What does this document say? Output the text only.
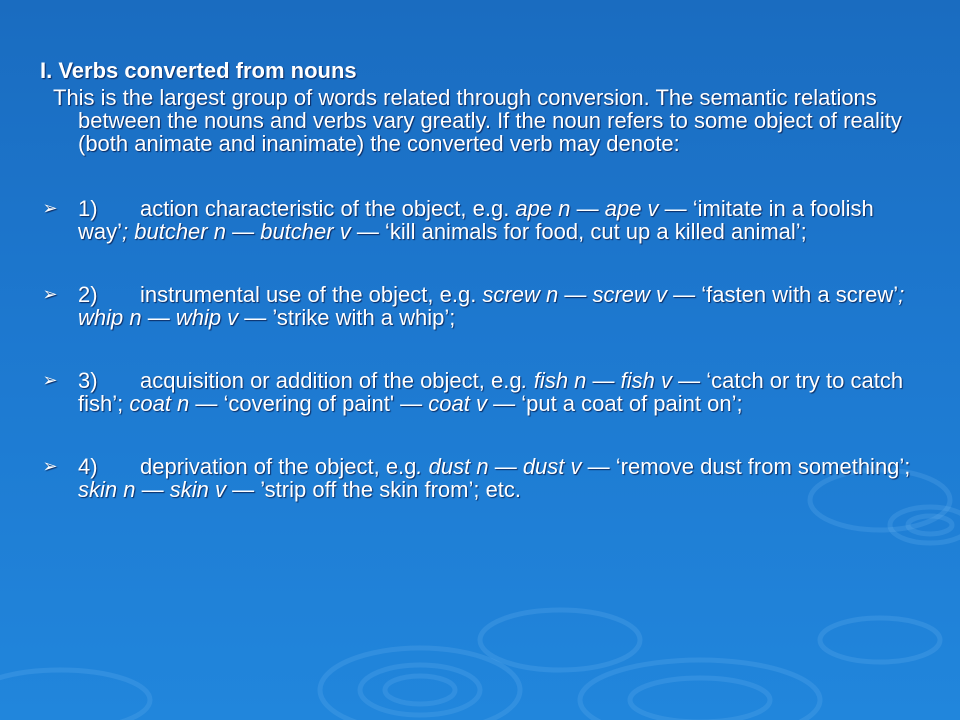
I. Verbs converted from nouns

This is the largest group of words related through conversion. The semantic relations between the nouns and verbs vary greatly. If the noun refers to some object of reality (both animate and inanimate) the converted verb may denote:

➢ 1) action characteristic of the object, e.g. ape n — ape v — ‘imitate in a foolish way’; butcher n — butcher v — ‘kill animals for food, cut up a killed animal’;
➢ 2) instrumental use of the object, e.g. screw n — screw v — ‘fasten with a screw’; whip n — whip v — ’strike with a whip’;
➢ 3) acquisition or addition of the object, e.g. fish n — fish v — ‘catch or try to catch fish’; coat n — ‘covering of paint' — coat v — ‘put a coat of paint on’;
➢ 4) deprivation of the object, e.g. dust n — dust v — ‘remove dust from something’; skin n — skin v — ’strip off the skin from’; etc.
